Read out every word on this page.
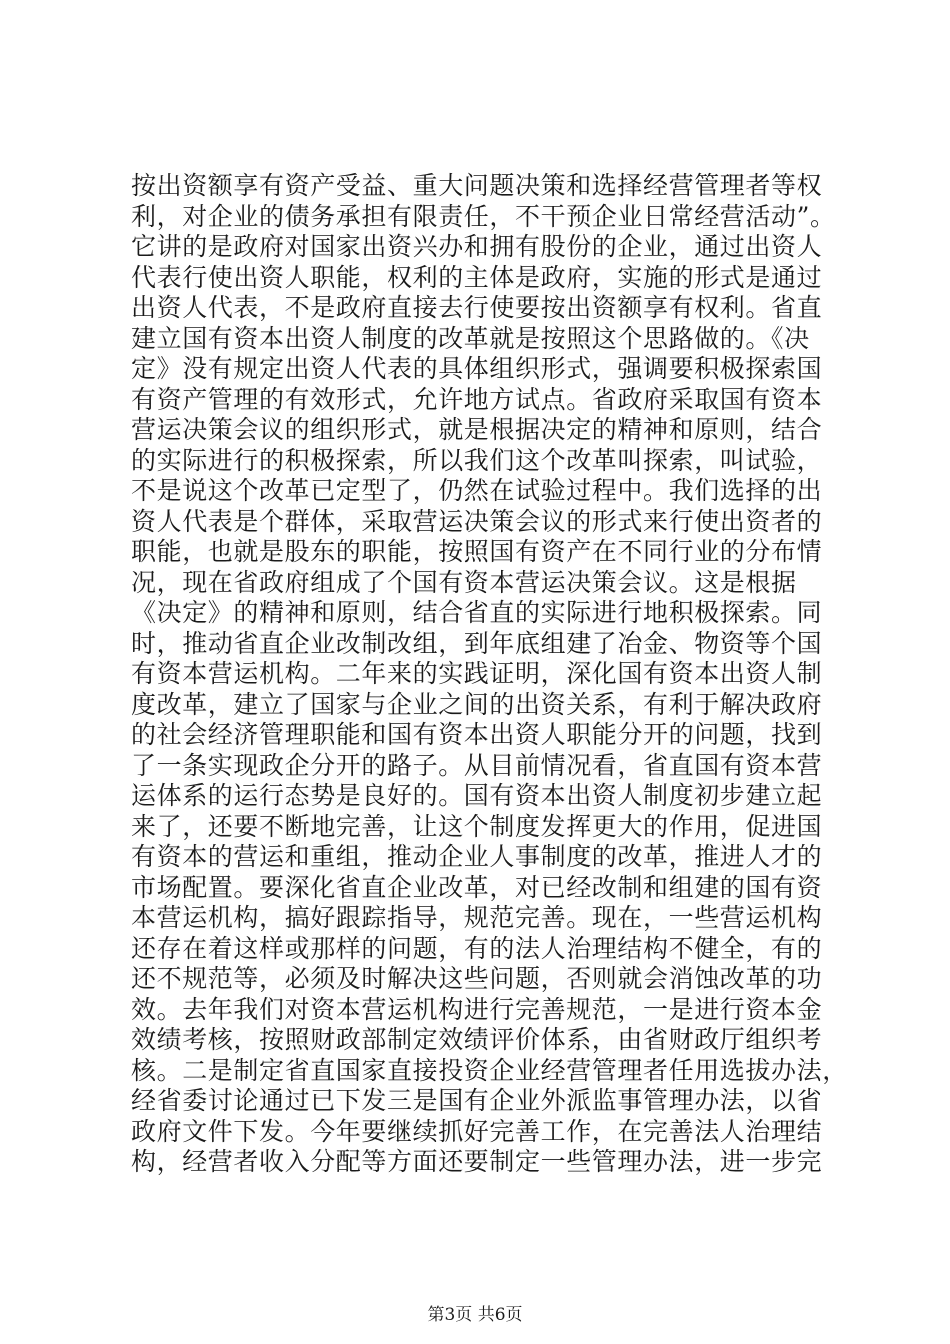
按出资额享有资产受益、重大问题决策和选择经营管理者等权
利，对企业的债务承担有限责任，不干预企业日常经营活动”。
它讲的是政府对国家出资兴办和拥有股份的企业，通过出资人
代表行使出资人职能，权利的主体是政府，实施的形式是通过
出资人代表，不是政府直接去行使要按出资额享有权利。省直
建立国有资本出资人制度的改革就是按照这个思路做的。《决
定》没有规定出资人代表的具体组织形式，强调要积极探索国
有资产管理的有效形式，允许地方试点。省政府采取国有资本
营运决策会议的组织形式，就是根据决定的精神和原则，结合
的实际进行的积极探索，所以我们这个改革叫探索，叫试验，
不是说这个改革已定型了，仍然在试验过程中。我们选择的出
资人代表是个群体，采取营运决策会议的形式来行使出资者的
职能，也就是股东的职能，按照国有资产在不同行业的分布情
况，现在省政府组成了个国有资本营运决策会议。这是根据
《决定》的精神和原则，结合省直的实际进行地积极探索。同
时，推动省直企业改制改组，到年底组建了冶金、物资等个国
有资本营运机构。二年来的实践证明，深化国有资本出资人制
度改革，建立了国家与企业之间的出资关系，有利于解决政府
的社会经济管理职能和国有资本出资人职能分开的问题，找到
了一条实现政企分开的路子。从目前情况看，省直国有资本营
运体系的运行态势是良好的。国有资本出资人制度初步建立起
来了，还要不断地完善，让这个制度发挥更大的作用，促进国
有资本的营运和重组，推动企业人事制度的改革，推进人才的
市场配置。要深化省直企业改革，对已经改制和组建的国有资
本营运机构，搞好跟踪指导，规范完善。现在，一些营运机构
还存在着这样或那样的问题，有的法人治理结构不健全，有的
还不规范等，必须及时解决这些问题，否则就会消蚀改革的功
效。去年我们对资本营运机构进行完善规范，一是进行资本金
效绩考核，按照财政部制定效绩评价体系，由省财政厅组织考
核。二是制定省直国家直接投资企业经营管理者任用选拔办法，
经省委讨论通过已下发三是国有企业外派监事管理办法，以省
政府文件下发。今年要继续抓好完善工作，在完善法人治理结
构，经营者收入分配等方面还要制定一些管理办法，进一步完
第3页 共6页
